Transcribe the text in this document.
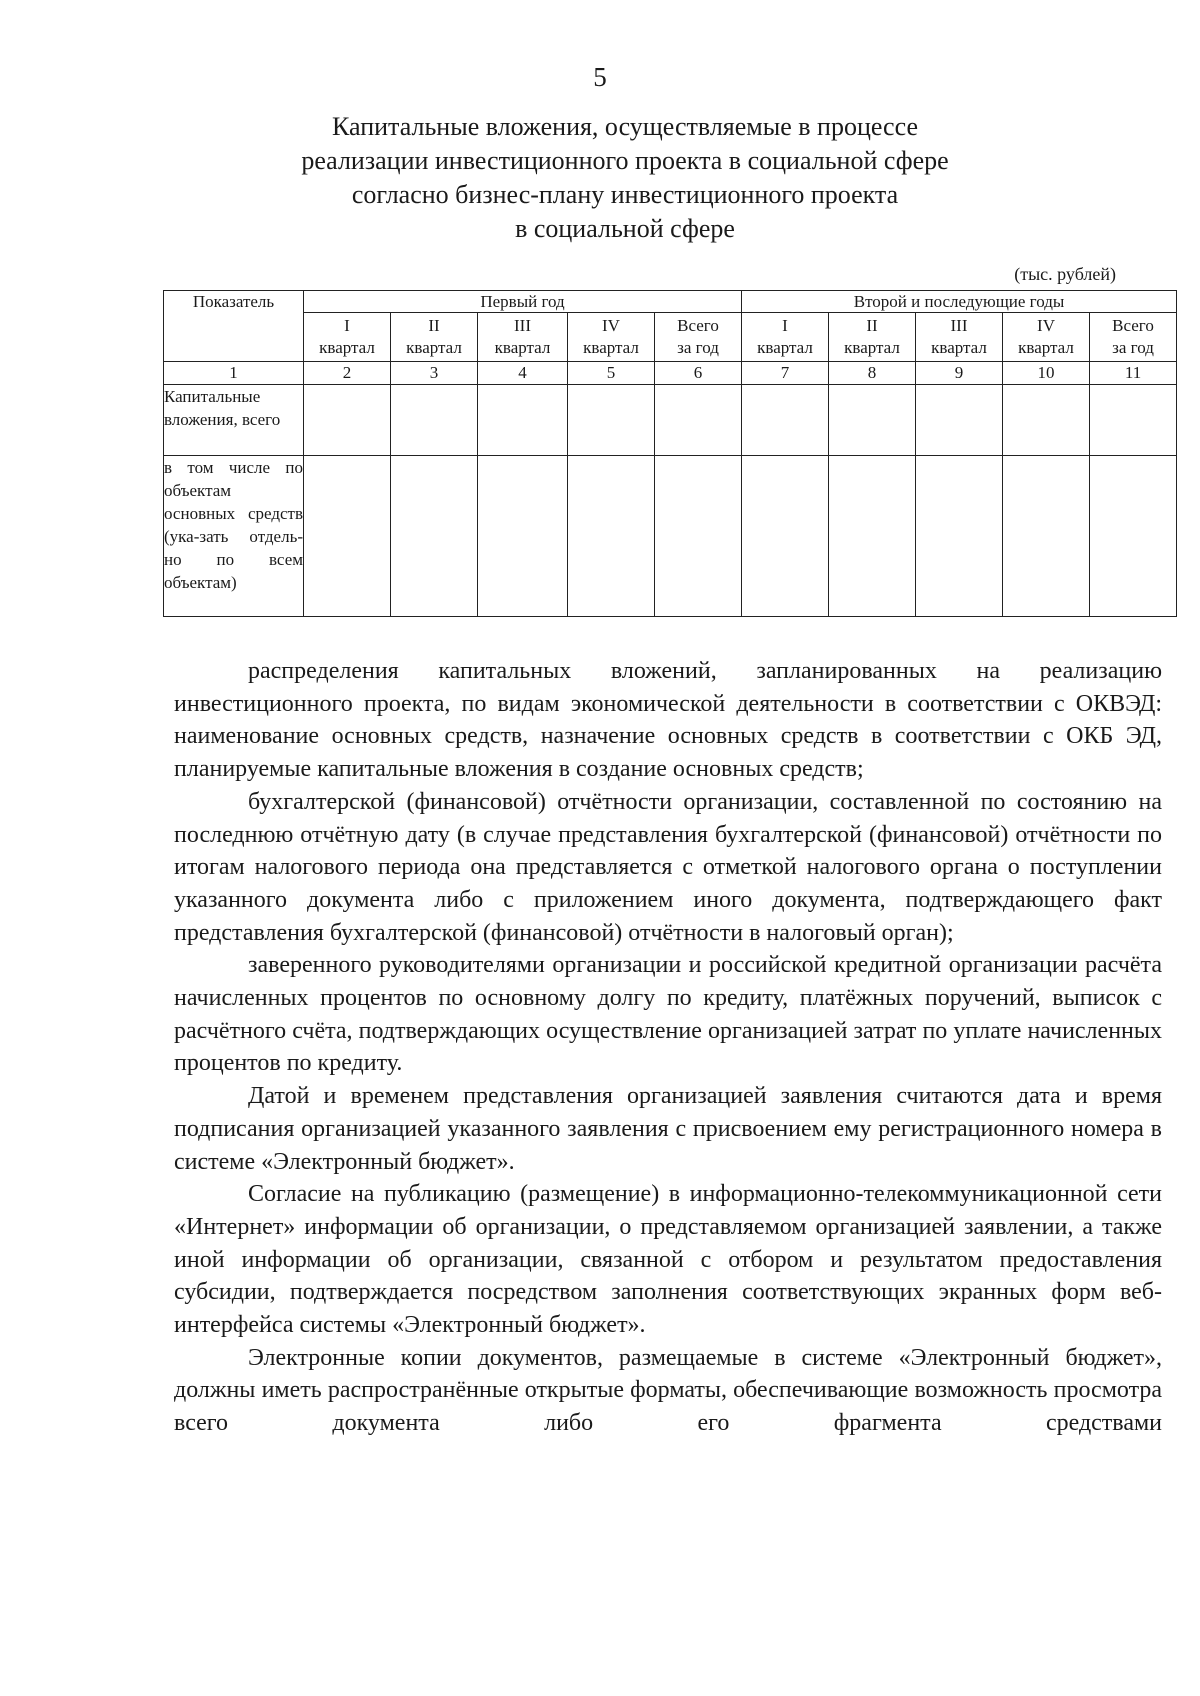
5
Капитальные вложения, осуществляемые в процессе
реализации инвестиционного проекта в социальной сфере
согласно бизнес-плану инвестиционного проекта
в социальной сфере
(тыс. рублей)
Показатель	Первый год					Второй и последующие годы				
	I	II	III	IV	Всего	I	II	III	IV	Всего
	квартал	квартал	квартал	квартал	за год	квартал	квартал	квартал	квартал	за год
1	2	3	4	5	6	7	8	9	10	11
Капитальные вложения, всего										
в том числе по объектам основных средств (ука-зать отдель-но по всем объектам)										

распределения капитальных вложений, запланированных на реализацию инвестиционного проекта, по видам экономической деятельности в соответствии с ОКВЭД: наименование основных средств, назначение основных средств в соответствии с ОКБ ЭД, планируемые капитальные вложения в создание основных средств;

бухгалтерской (финансовой) отчётности организации, составленной по состоянию на последнюю отчётную дату (в случае представления бухгалтерской (финансовой) отчётности по итогам налогового периода она представляется с отметкой налогового органа о поступлении указанного документа либо с приложением иного документа, подтверждающего факт представления бухгалтерской (финансовой) отчётности в налоговый орган);

заверенного руководителями организации и российской кредитной организации расчёта начисленных процентов по основному долгу по кредиту, платёжных поручений, выписок с расчётного счёта, подтверждающих осуществление организацией затрат по уплате начисленных процентов по кредиту.

Датой и временем представления организацией заявления считаются дата и время подписания организацией указанного заявления с присвоением ему регистрационного номера в системе «Электронный бюджет».

Согласие на публикацию (размещение) в информационно-телекоммуникационной сети «Интернет» информации об организации, о представляемом организацией заявлении, а также иной информации об организации, связанной с отбором и результатом предоставления субсидии, подтверждается посредством заполнения соответствующих экранных форм веб-интерфейса системы «Электронный бюджет».

Электронные копии документов, размещаемые в системе «Электронный бюджет», должны иметь распространённые открытые форматы, обеспечивающие возможность просмотра всего документа либо его фрагмента средствами
